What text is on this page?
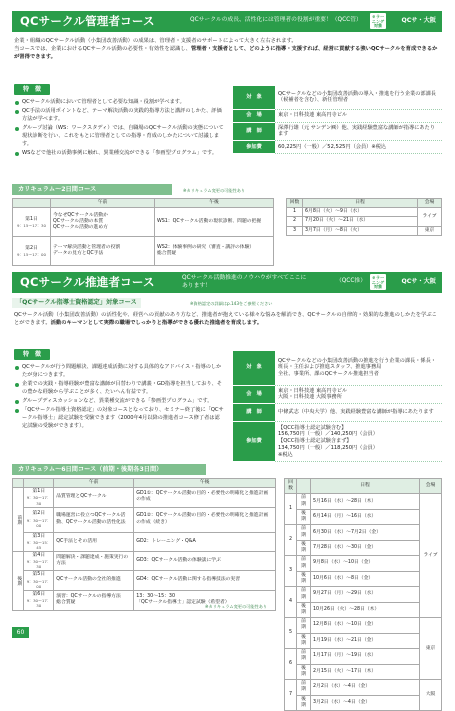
QCサークル管理者コース	QCサークルの成長、活性化には管理者の役割が重要！（QCC管）
ｅラーニング対象
QCサ・大阪
企業・組織のQCサークル活動（小集団改善活動）の成果は、管理者・支援者のサポートによって大きく左右されます。
当コースでは、企業におけるQCサークル活動の必要性・有効性を認識し、管理者・支援者として、どのように指導・支援すれば、経営に貢献する強いQCサークルを育成できるかが習得できます。
特　徴
QCサークル活動において管理者として必要な知識・役割が学べます。
QC手法の活用ポイントなど、テーマ解決活動の実践的指導方法と講評のしかた、評価方法が学べます。
グループ討論（WS：ワークスタディ）では、自職場のQCサークル活動の実態について現状診断を行い、これをもとに管理者としての指導・育成のしかたについて討議します。
WSなどで他社の活動事例に触れ、異業種交流ができる「参画型プログラム」です。
対　象	QCサークルなどの小集団改善活動の導入・推進を行う企業の部課長（候補者を含む）、新任管理者
会　場	東京・日科技連 東高円寺ビル
講　師	深澤行雄（元 サンデン㈱）他、実践経験豊富な講師が指導にあたります
参加費	60,225円（一般）／52,525円（会員）※税込
カリキュラム～2日間コース	※カリキュラム変更の可能性あり
	午前	午後
第1日
9：15～17：30	今なぜQCサークル活動か
QCサークル活動の本質
QCサークル活動の進め方	WS1：QCサークル活動の現状診断、問題の把握
第2日
9：15～17：00	テーマ解決活動と管理者の役割
データの見方とQC手法	WS2：体験事例の研究（審査・講評の体験）
総合質疑
回数	日程	会場
1	6月8日（火）～9日（水）	ライブ
2	7月20日（火）～21日（水）	
3	3月7日（月）～8日（火）	東京
QCサークル推進者コース	QCサークル活動推進のノウハウがすべてここにあります！
（QCC推）
ｅラーニング対象
QCサ・大阪
「QCサークル指導士資格認定」対象コース	※資格認定の詳細はp.143をご参照ください
QCサークル活動（小集団改善活動）の活性化や、経営への貢献のあり方など、推進者が抱えている様々な悩みを解消でき、QCサークルの自律的・効果的な推進のしかたを学ぶことができます。活動のキーマンとして実際の職場でしっかりと指導ができる優れた推進者を育成します。
特　徴
QCサークルが行う問題解決、課題達成活動に対する具体的なアドバイス・指導のしかたが身につきます。
企業での実践・指導経験が豊富な講師が目替わりで講義・GD指導を担当しており、その豊かな経験から学ぶことが多く、たいへん有益です。
グループディスカッションなど、異業種交流ができる「参画型プログラム」です。
「QCサークル指導士資格認定」の対象コースとなっており、セミナー終了後に「QCサークル指導士」認定試験を受験できます（2000年4月以降の推進者コース修了者は認定試験の受験ができます）。
対　象	QCサークルなどの小集団改善活動の推進を行う企業の課長・係長・班長・主任および推進スタッフ、推進事務局
全社、事業所、課のQCサークル推進担当者
会　場	東京・日科技連 東高円寺ビル
大阪・日科技連 大阪事務所
講　師	中條武志（中央大学）他、実践経験豊富な講師が指導にあたります
参加費	【QCC指導士認定試験含む】
156,750円（一般）／140,250円（会員）
【QCC指導士認定試験含まず】
134,750円（一般）／118,250円（会員）
※税込
カリキュラム～6日間コース（前期・後期各3日間）
		午前	午後
前期	第1日
9：30～17：30	品質管理とQCサークル	GD1①：QCサークル活動の目的・必要性の明確化と推進計画の作成
	第2日
9：30～17：00	職場運営に役立つQCサークル活動、QCサークル活動の活性化法	GD1②：QCサークル活動の目的・必要性の明確化と推進計画の作成（続き）
	第3日
9：30～15：45	QC手法とその活用	GD2：トレーニング・Q&A
後期	第4日
9：30～17：30	問題解決・課題達成・施策実行の方法	GD3：QCサークル活動の体験談に学ぶ
	第5日
9：30～17：00	QCサークル活動の全社的推進	GD4：QCサークル活動に関する指導技法の実習
	第6日
9：30～17：30	演習：QCサークルの指導方法
総合質疑	13：30～15：30
「QCサークル指導士」認定試験（希望者）
※カリキュラム変更の可能性あり
回数		日程	会場
1	前期	5月16日（水）～28日（木）	ライブ
	後期	6月14日（月）～16日（水）	
2	前期	6月30日（水）～7月2日（金）	
	後期	7月28日（水）～30日（金）	
3	前期	9月8日（水）～10日（金）	
	後期	10月6日（水）～8日（金）	
4	前期	9月27日（月）～29日（水）	
	後期	10月26日（火）～28日（木）	
5	前期	12月8日（水）～10日（金）	東京
	後期	1月19日（水）～21日（金）	
6	前期	1月17日（月）～19日（水）	
	後期	2月15日（火）～17日（木）	
7	前期	2月2日（水）～4日（金）	大阪
	後期	3月2日（水）～4日（金）	
60
